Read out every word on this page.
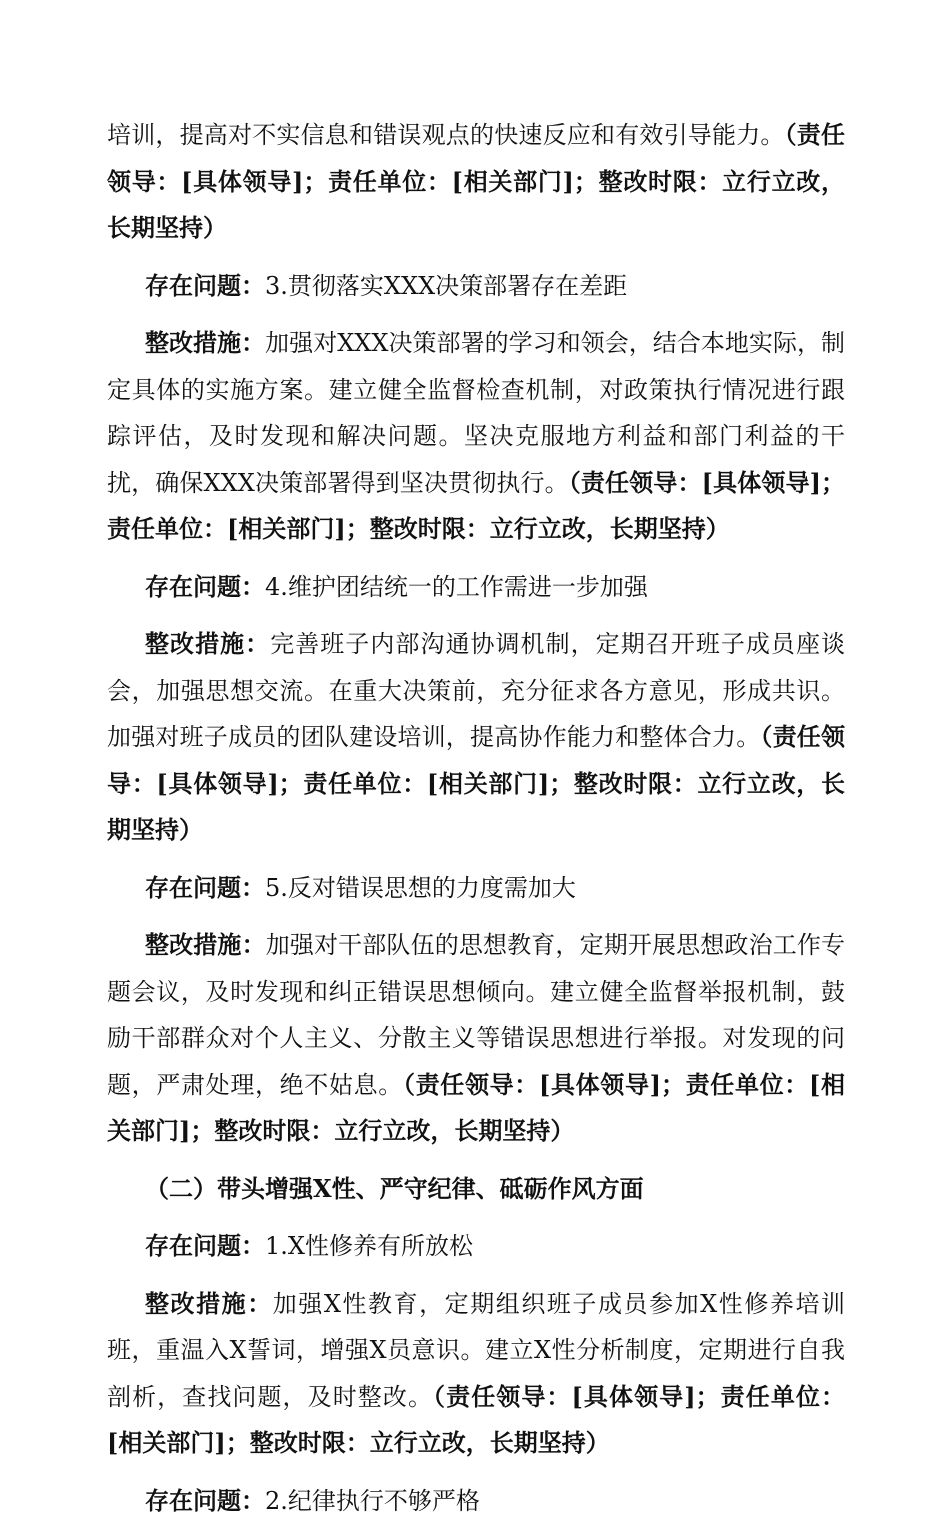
培训，提高对不实信息和错误观点的快速反应和有效引导能力。（责任领导：[具体领导]；责任单位：[相关部门]；整改时限：立行立改，长期坚持）

存在问题：3.贯彻落实XXX决策部署存在差距

整改措施：加强对XXX决策部署的学习和领会，结合本地实际，制定具体的实施方案。建立健全监督检查机制，对政策执行情况进行跟踪评估，及时发现和解决问题。坚决克服地方利益和部门利益的干扰，确保XXX决策部署得到坚决贯彻执行。（责任领导：[具体领导]；责任单位：[相关部门]；整改时限：立行立改，长期坚持）

存在问题：4.维护团结统一的工作需进一步加强

整改措施：完善班子内部沟通协调机制，定期召开班子成员座谈会，加强思想交流。在重大决策前，充分征求各方意见，形成共识。加强对班子成员的团队建设培训，提高协作能力和整体合力。（责任领导：[具体领导]；责任单位：[相关部门]；整改时限：立行立改，长期坚持）

存在问题：5.反对错误思想的力度需加大

整改措施：加强对干部队伍的思想教育，定期开展思想政治工作专题会议，及时发现和纠正错误思想倾向。建立健全监督举报机制，鼓励干部群众对个人主义、分散主义等错误思想进行举报。对发现的问题，严肃处理，绝不姑息。（责任领导：[具体领导]；责任单位：[相关部门]；整改时限：立行立改，长期坚持）

（二）带头增强X性、严守纪律、砥砺作风方面

存在问题：1.X性修养有所放松

整改措施：加强X性教育，定期组织班子成员参加X性修养培训班，重温入X誓词，增强X员意识。建立X性分析制度，定期进行自我剖析，查找问题，及时整改。（责任领导：[具体领导]；责任单位：[相关部门]；整改时限：立行立改，长期坚持）

存在问题：2.纪律执行不够严格
